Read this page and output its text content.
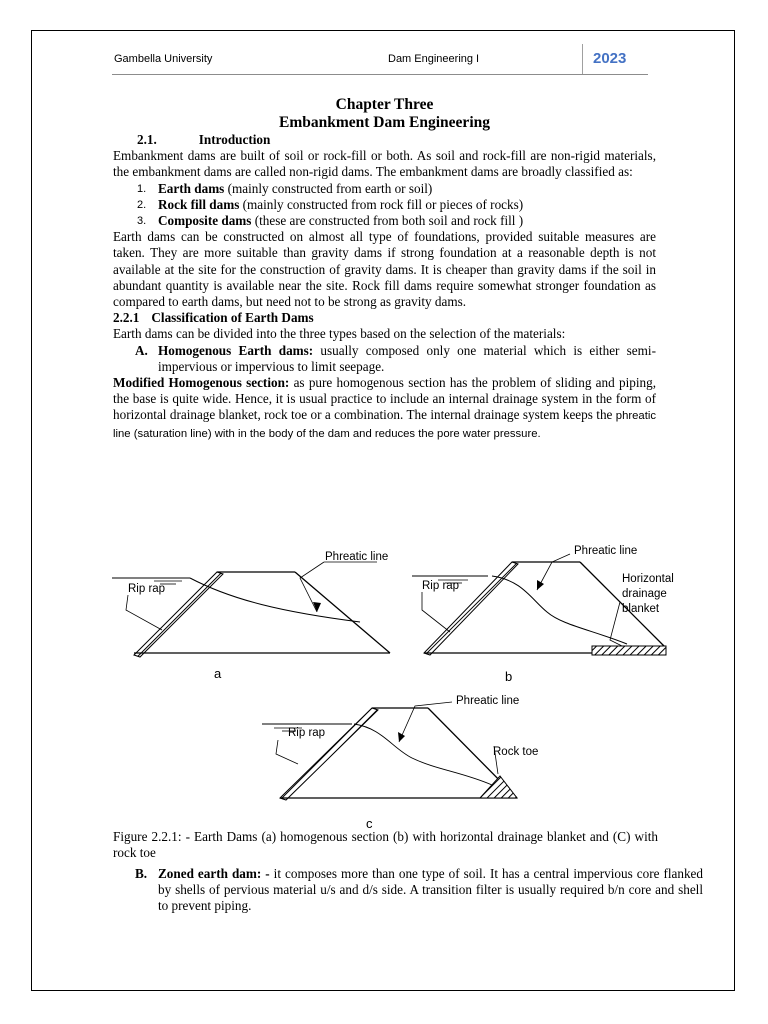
Gambella University	Dam Engineering I	2023
Chapter Three
Embankment Dam Engineering

2.1.	Introduction

Embankment dams are built of soil or rock-fill or both. As soil and rock-fill are non-rigid materials, the embankment dams are called non-rigid dams. The embankment dams are broadly classified as:

1. Earth dams (mainly constructed from earth or soil)

2. Rock fill dams (mainly constructed from rock fill or pieces of rocks)

3. Composite dams (these are constructed from both soil and rock fill )

Earth dams can be constructed on almost all type of foundations, provided suitable measures are taken. They are more suitable than gravity dams if strong foundation at a reasonable depth is not available at the site for the construction of gravity dams. It is cheaper than gravity dams if the soil in abundant quantity is available near the site. Rock fill dams require somewhat stronger foundation as compared to earth dams, but need not to be strong as gravity dams.

2.2.1 Classification of Earth Dams

Earth dams can be divided into the three types based on the selection of the materials:

A. Homogenous Earth dams: usually composed only one material which is either semi- impervious or impervious to limit seepage.

Modified Homogenous section: as pure homogenous section has the problem of sliding and piping, the base is quite wide. Hence, it is usual practice to include an internal drainage system in the form of horizontal drainage blanket, rock toe or a combination. The internal drainage system keeps the phreatic line (saturation line) with in the body of the dam and reduces the pore water pressure.

Phreatic line
Rip rap
a
Phreatic line
Rip rap
Horizontal
drainage
blanket
b
Phreatic line
Rip rap
Rock toe
c

Figure 2.2.1: - Earth Dams (a) homogenous section (b) with horizontal drainage blanket and (C) with rock toe

B. Zoned earth dam: - it composes more than one type of soil. It has a central impervious core flanked by shells of pervious material u/s and d/s side. A transition filter is usually required b/n core and shell to prevent piping.
